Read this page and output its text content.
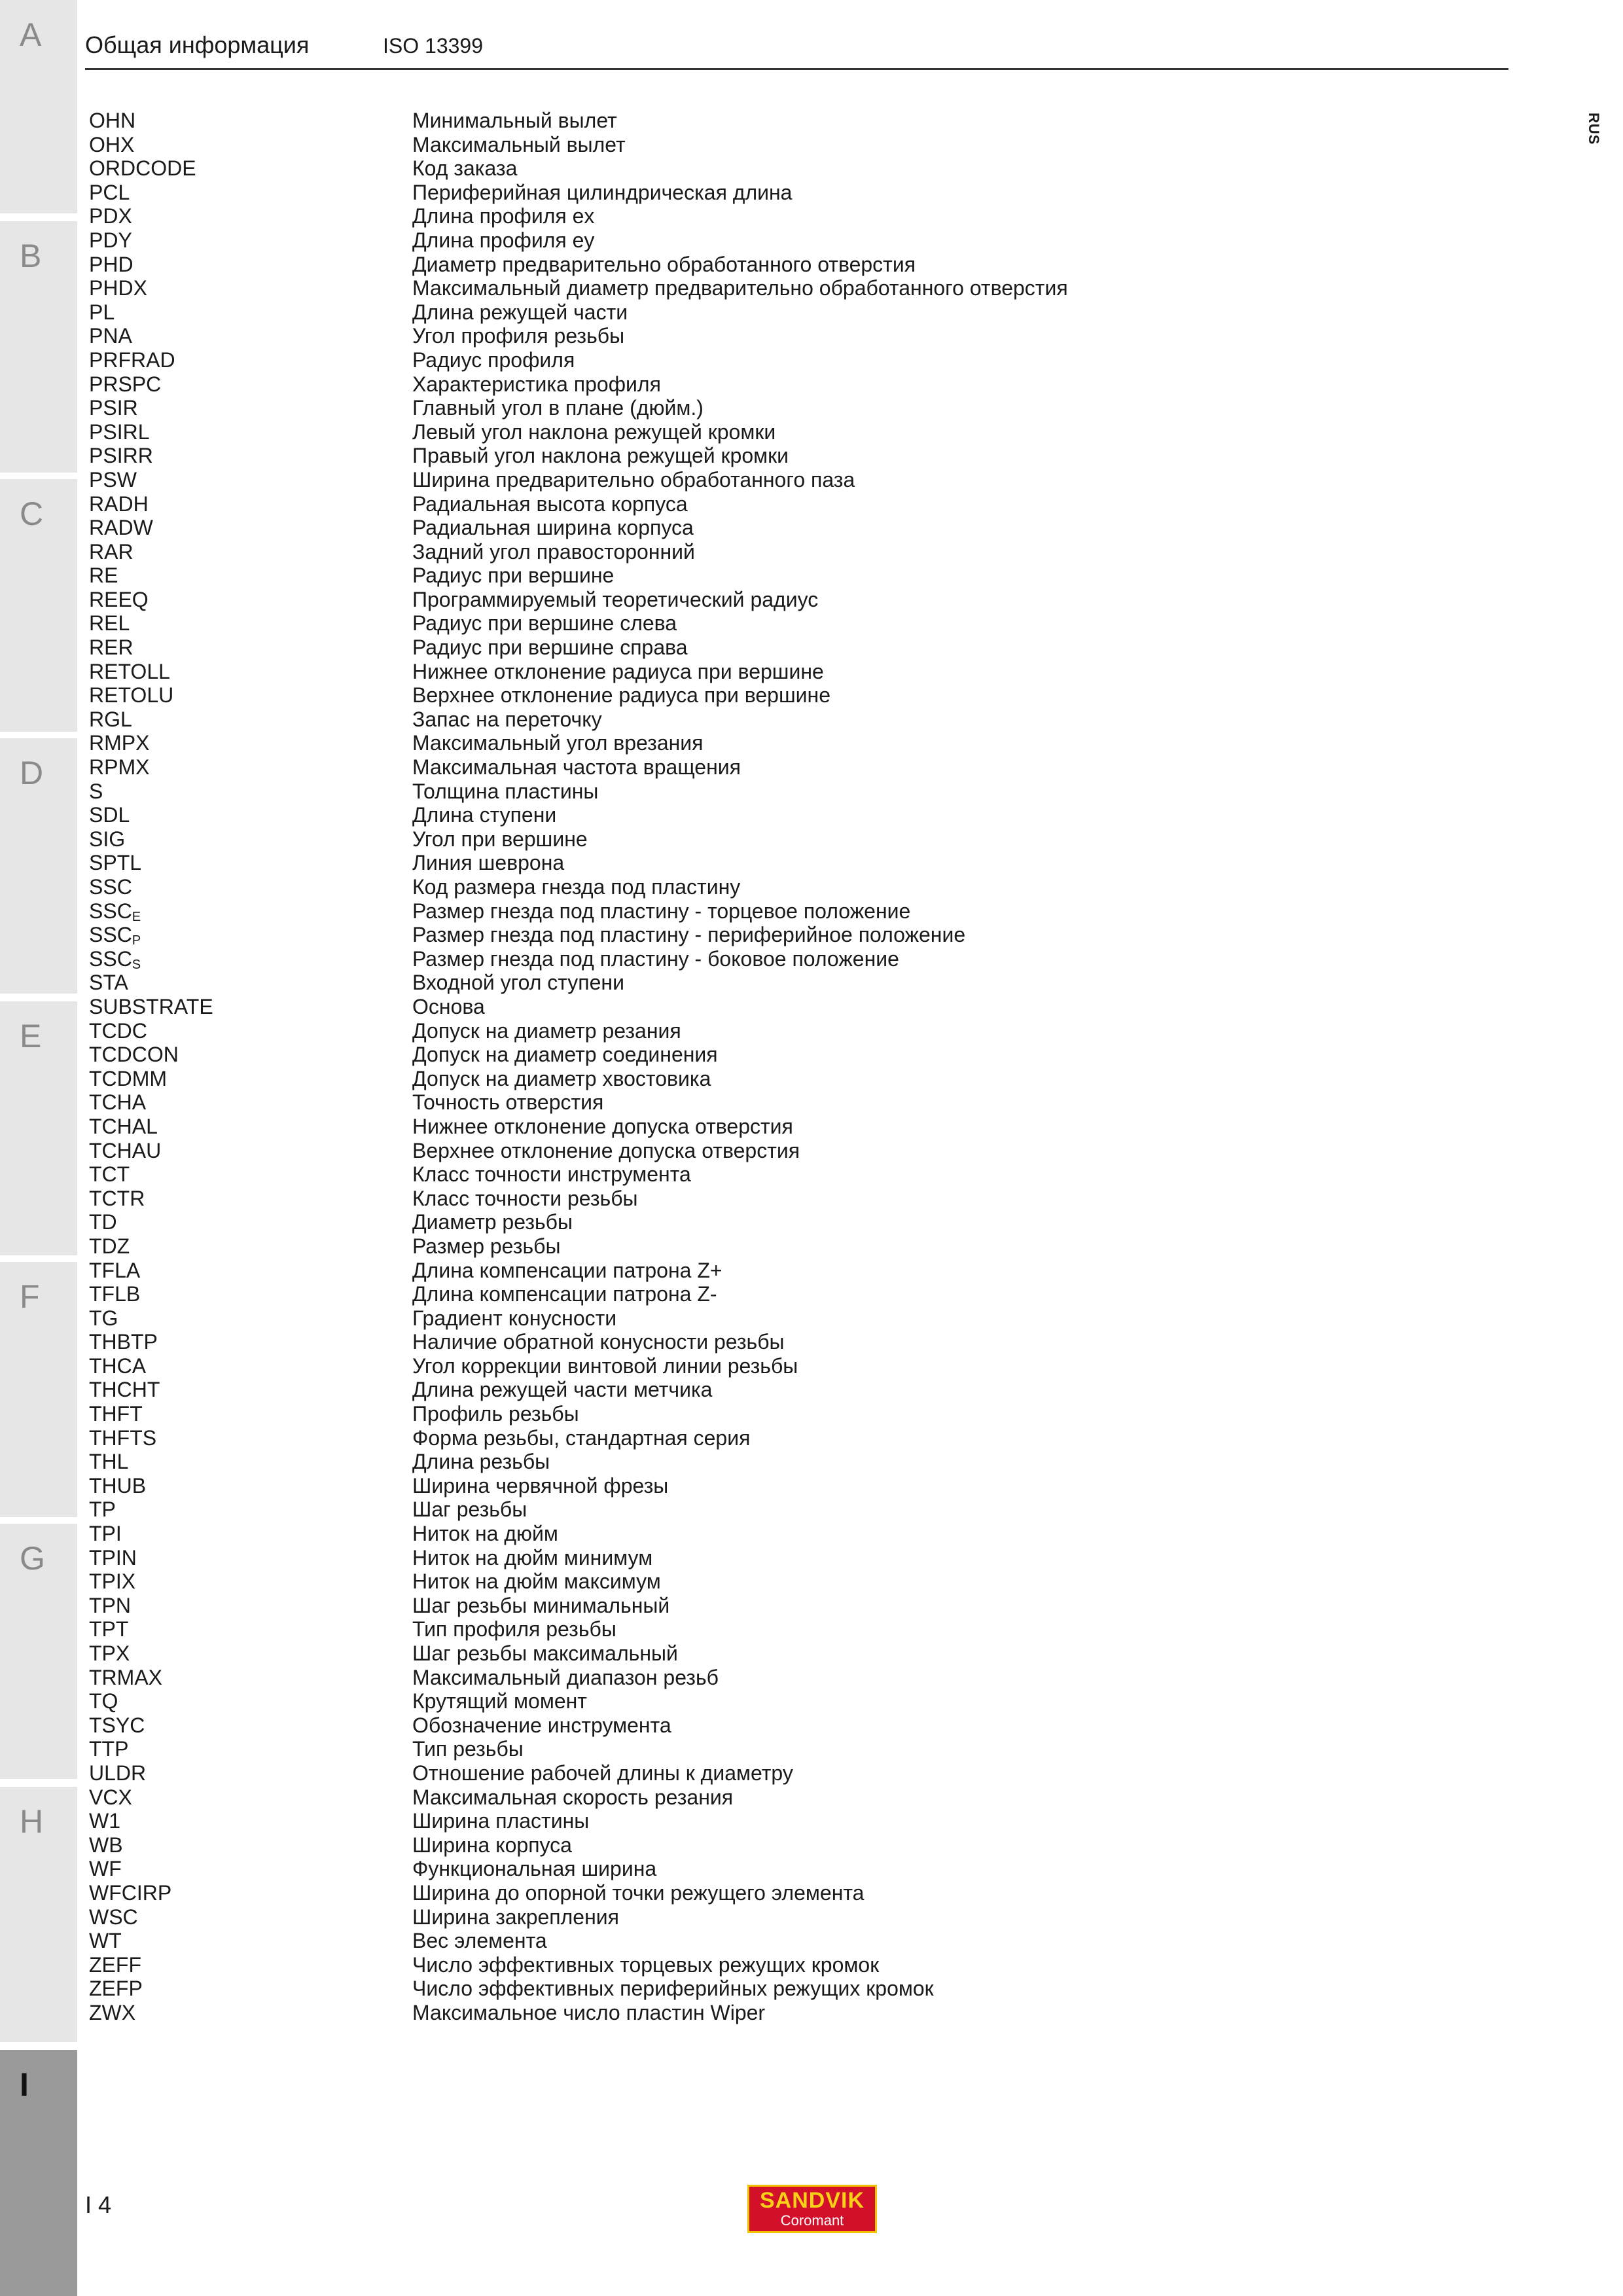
A
B
C
D
E
F
G
H
I
Общая информация	ISO 13399
RUS
OHN	Минимальный вылет
OHX	Максимальный вылет
ORDCODE	Код заказа
PCL	Периферийная цилиндрическая длина
PDX	Длина профиля ex
PDY	Длина профиля ey
PHD	Диаметр предварительно обработанного отверстия
PHDX	Максимальный диаметр предварительно обработанного отверстия
PL	Длина режущей части
PNA	Угол профиля резьбы
PRFRAD	Радиус профиля
PRSPC	Характеристика профиля
PSIR	Главный угол в плане (дюйм.)
PSIRL	Левый угол наклона режущей кромки
PSIRR	Правый угол наклона режущей кромки
PSW	Ширина предварительно обработанного паза
RADH	Радиальная высота корпуса
RADW	Радиальная ширина корпуса
RAR	Задний угол правосторонний
RE	Радиус при вершине
REEQ	Программируемый теоретический радиус
REL	Радиус при вершине слева
RER	Радиус при вершине справа
RETOLL	Нижнее отклонение радиуса при вершине
RETOLU	Верхнее отклонение радиуса при вершине
RGL	Запас на переточку
RMPX	Максимальный угол врезания
RPMX	Максимальная частота вращения
S	Толщина пластины
SDL	Длина ступени
SIG	Угол при вершине
SPTL	Линия шеврона
SSC	Код размера гнезда под пластину
$SSC_E$	Размер гнезда под пластину - торцевое положение
$SSC_P$	Размер гнезда под пластину - периферийное положение
$SSC_S$	Размер гнезда под пластину - боковое положение
STA	Входной угол ступени
SUBSTRATE	Основа
TCDC	Допуск на диаметр резания
TCDCON	Допуск на диаметр соединения
TCDMM	Допуск на диаметр хвостовика
TCHA	Точность отверстия
TCHAL	Нижнее отклонение допуска отверстия
TCHAU	Верхнее отклонение допуска отверстия
TCT	Класс точности инструмента
TCTR	Класс точности резьбы
TD	Диаметр резьбы
TDZ	Размер резьбы
TFLA	Длина компенсации патрона Z+
TFLB	Длина компенсации патрона Z-
TG	Градиент конусности
THBTP	Наличие обратной конусности резьбы
THCA	Угол коррекции винтовой линии резьбы
THCHT	Длина режущей части метчика
THFT	Профиль резьбы
THFTS	Форма резьбы, стандартная серия
THL	Длина резьбы
THUB	Ширина червячной фрезы
TP	Шаг резьбы
TPI	Ниток на дюйм
TPIN	Ниток на дюйм минимум
TPIX	Ниток на дюйм максимум
TPN	Шаг резьбы минимальный
TPT	Тип профиля резьбы
TPX	Шаг резьбы максимальный
TRMAX	Максимальный диапазон резьб
TQ	Крутящий момент
TSYC	Обозначение инструмента
TTP	Тип резьбы
ULDR	Отношение рабочей длины к диаметру
VCX	Максимальная скорость резания
W1	Ширина пластины
WB	Ширина корпуса
WF	Функциональная ширина
WFCIRP	Ширина до опорной точки режущего элемента
WSC	Ширина закрепления
WT	Вес элемента
ZEFF	Число эффективных торцевых режущих кромок
ZEFP	Число эффективных периферийных режущих кромок
ZWX	Максимальное число пластин Wiper
I 4	SANDVIK
Coromant
